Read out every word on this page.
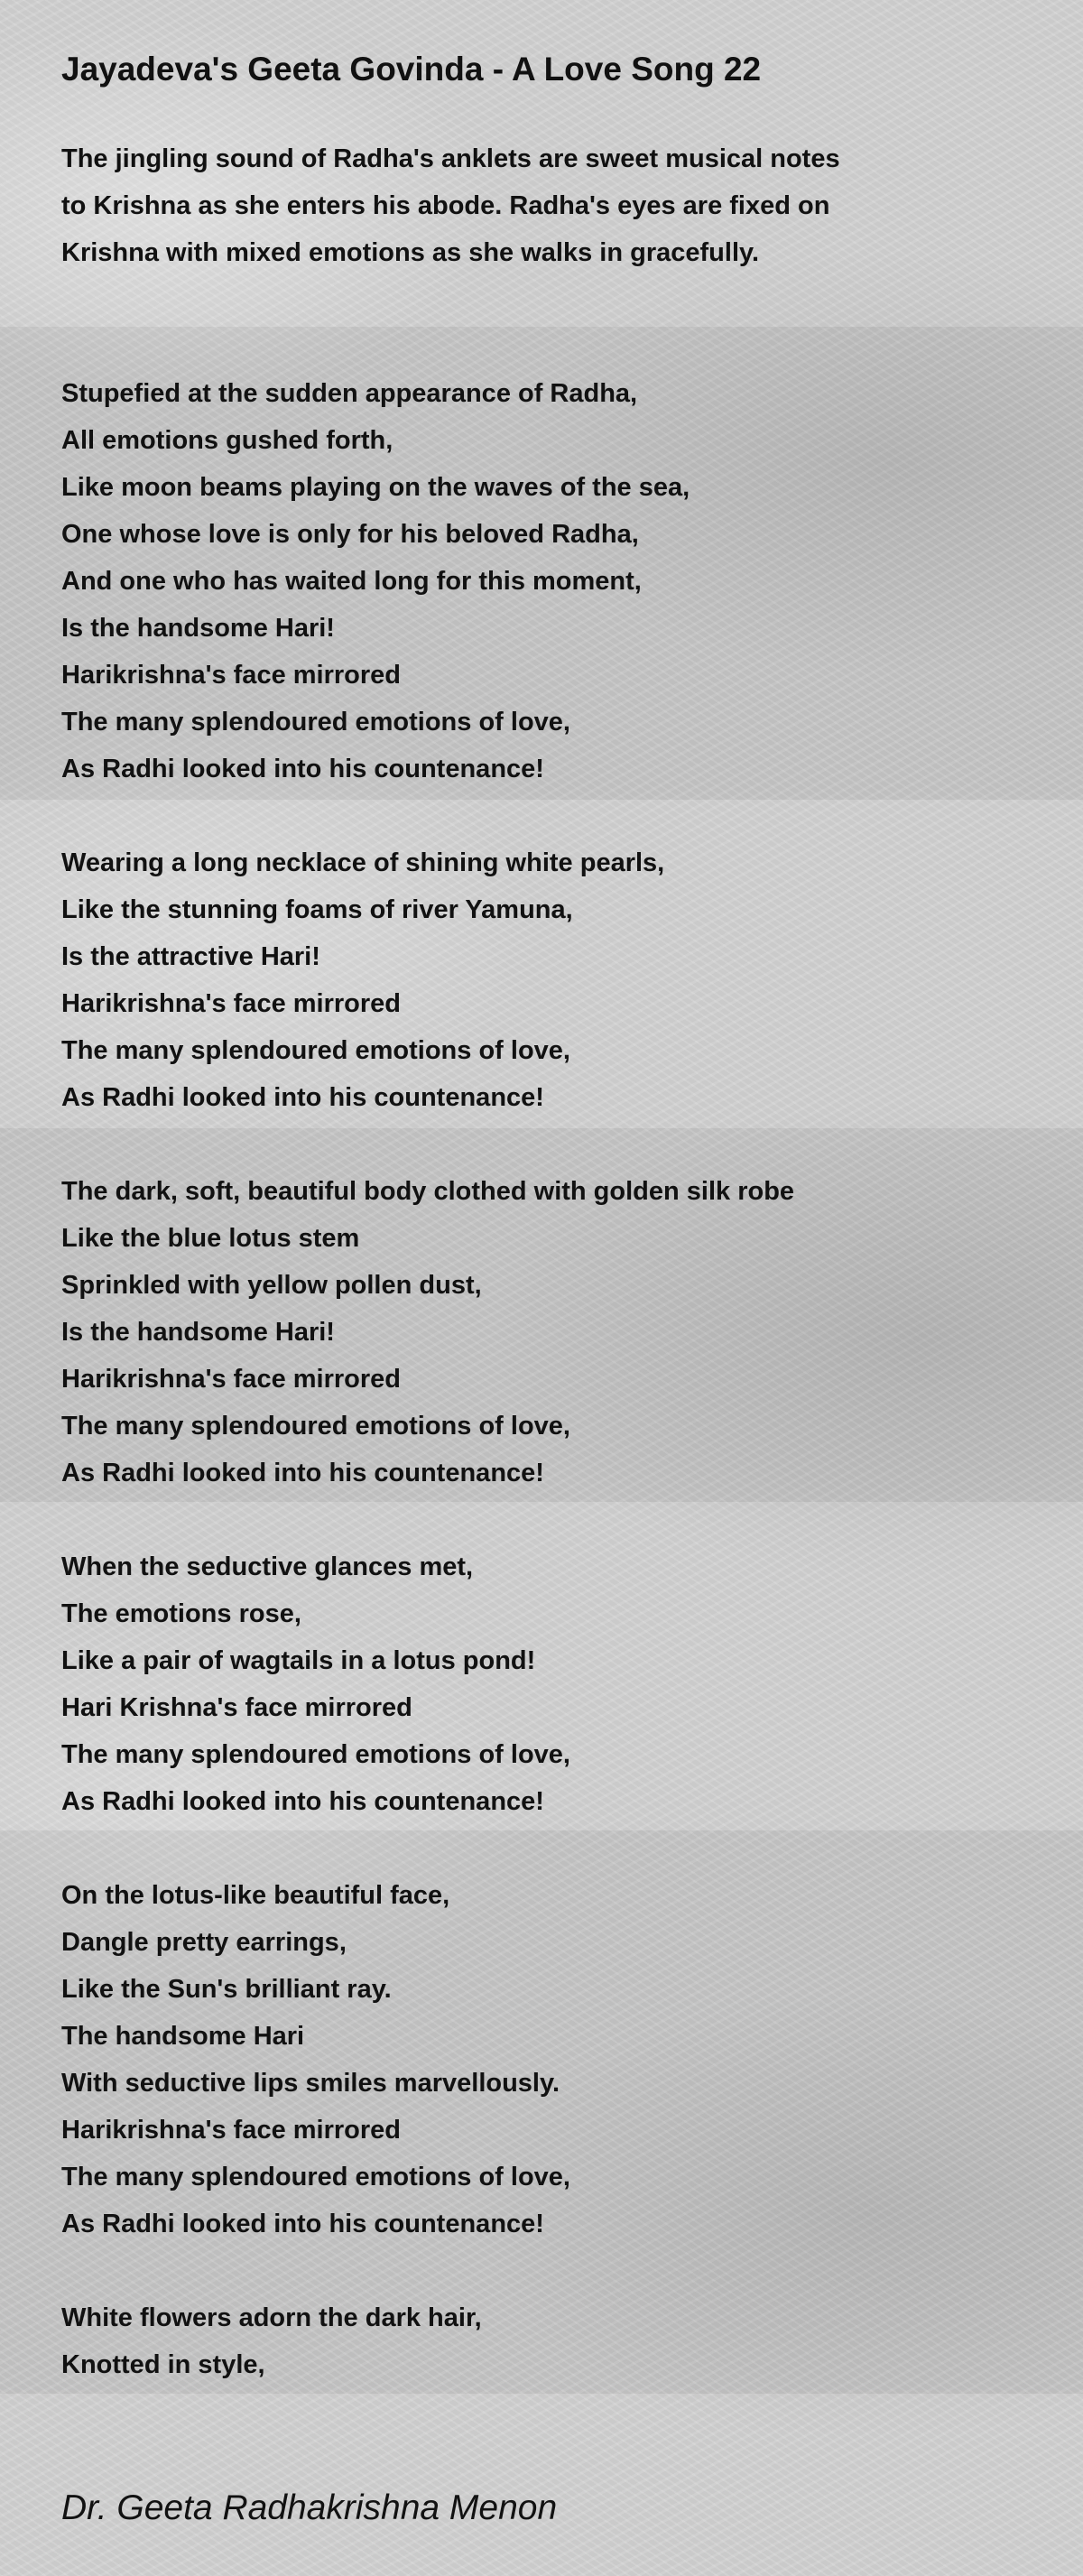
Jayadeva's Geeta Govinda - A Love Song 22
The jingling sound of Radha's anklets are sweet musical notes
to Krishna as she enters his abode. Radha's eyes are fixed on
Krishna with mixed emotions as she walks in gracefully.
Stupefied at the sudden appearance of Radha,
All emotions gushed forth,
Like moon beams playing on the waves of the sea,
One whose love is only for his beloved Radha,
And one who has waited long for this moment,
Is the handsome Hari!
Harikrishna's face mirrored
The many splendoured emotions of love,
As Radhi looked into his countenance!
Wearing a long necklace of shining white pearls,
Like the stunning foams of river Yamuna,
Is the attractive Hari!
Harikrishna's face mirrored
The many splendoured emotions of love,
As Radhi looked into his countenance!
The dark, soft, beautiful body clothed with golden silk robe
Like the blue lotus stem
Sprinkled with yellow pollen dust,
Is the handsome Hari!
Harikrishna's face mirrored
The many splendoured emotions of love,
As Radhi looked into his countenance!
When the seductive glances met,
The emotions rose,
Like a pair of wagtails in a lotus pond!
Hari Krishna's face mirrored
The many splendoured emotions of love,
As Radhi looked into his countenance!
On the lotus-like beautiful face,
Dangle pretty earrings,
Like the Sun's brilliant ray.
The handsome Hari
With seductive lips smiles marvellously.
Harikrishna's face mirrored
The many splendoured emotions of love,
As Radhi looked into his countenance!
White flowers adorn the dark hair,
Knotted in style,
Dr. Geeta Radhakrishna Menon
